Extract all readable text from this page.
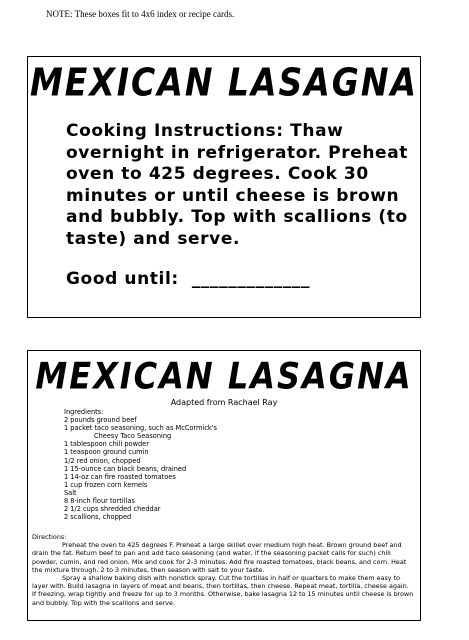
NOTE: These boxes fit to 4x6 index or recipe cards.
MEXICAN LASAGNA
Cooking Instructions: Thaw overnight in refrigerator. Preheat oven to 425 degrees. Cook 30 minutes or until cheese is brown and bubbly. Top with scallions (to taste) and serve.
Good until:  _____________
MEXICAN LASAGNA
Adapted from Rachael Ray
Ingredients:
2 pounds ground beef
1 packet taco seasoning, such as McCormick's
Cheesy Taco Seasoning
1 tablespoon chili powder
1 teaspoon ground cumin
1/2 red onion, chopped
1 15-ounce can black beans, drained
1 14-oz can fire roasted tomatoes
1 cup frozen corn kernels
Salt
8 8-inch flour tortillas
2 1/2 cups shredded cheddar
2 scallions, chopped

Directions:

Preheat the oven to 425 degrees F. Preheat a large skillet over medium high heat. Brown ground beef and drain the fat. Return beef to pan and add taco seasoning (and water, if the seasoning packet calls for such) chili powder, cumin, and red onion. Mix and cook for 2-3 minutes. Add fire roasted tomatoes, black beans, and corn. Heat the mixture through, 2 to 3 minutes, then season with salt to your taste.

Spray a shallow baking dish with nonstick spray. Cut the tortillas in half or quarters to make them easy to layer with. Build lasagna in layers of meat and beans, then tortillas, then cheese. Repeat meat, tortilla, cheese again. If freezing, wrap tightly and freeze for up to 3 months. Otherwise, bake lasagna 12 to 15 minutes until cheese is brown and bubbly. Top with the scallions and serve.
